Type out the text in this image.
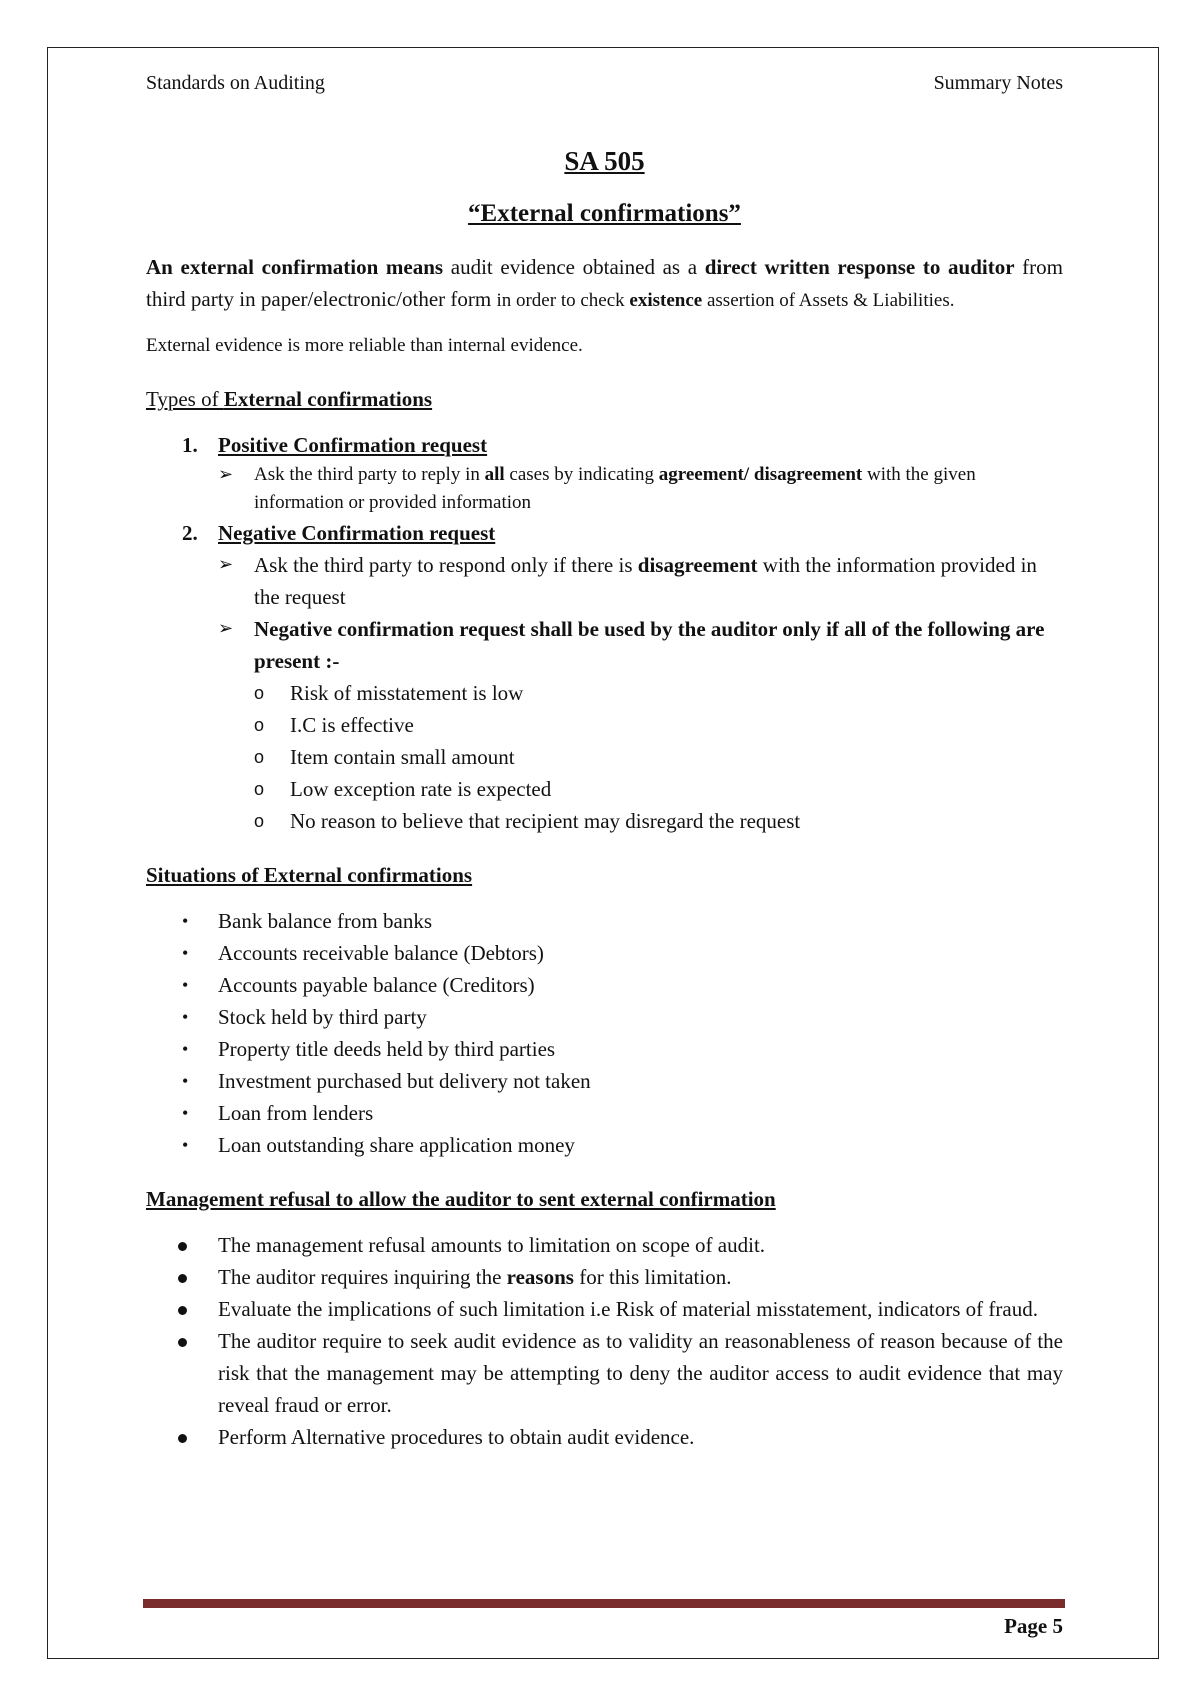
Standards on Auditing	Summary Notes
SA 505
“External confirmations”

An external confirmation means audit evidence obtained as a direct written response to auditor from third party in paper/electronic/other form in order to check existence assertion of Assets & Liabilities.

External evidence is more reliable than internal evidence.

Types of External confirmations
1. Positive Confirmation request
➢ Ask the third party to reply in all cases by indicating agreement/ disagreement with the given information or provided information
2. Negative Confirmation request
➢ Ask the third party to respond only if there is disagreement with the information provided in the request
➢ Negative confirmation request shall be used by the auditor only if all of the following are present :-
o Risk of misstatement is low
o I.C is effective
o Item contain small amount
o Low exception rate is expected
o No reason to believe that recipient may disregard the request
Situations of External confirmations
• Bank balance from banks
• Accounts receivable balance (Debtors)
• Accounts payable balance (Creditors)
• Stock held by third party
• Property title deeds held by third parties
• Investment purchased but delivery not taken
• Loan from lenders
• Loan outstanding share application money
Management refusal to allow the auditor to sent external confirmation
The management refusal amounts to limitation on scope of audit.
The auditor requires inquiring the reasons for this limitation.
Evaluate the implications of such limitation i.e Risk of material misstatement, indicators of fraud.
The auditor require to seek audit evidence as to validity an reasonableness of reason because of the risk that the management may be attempting to deny the auditor access to audit evidence that may reveal fraud or error.
Perform Alternative procedures to obtain audit evidence.
Page 5
